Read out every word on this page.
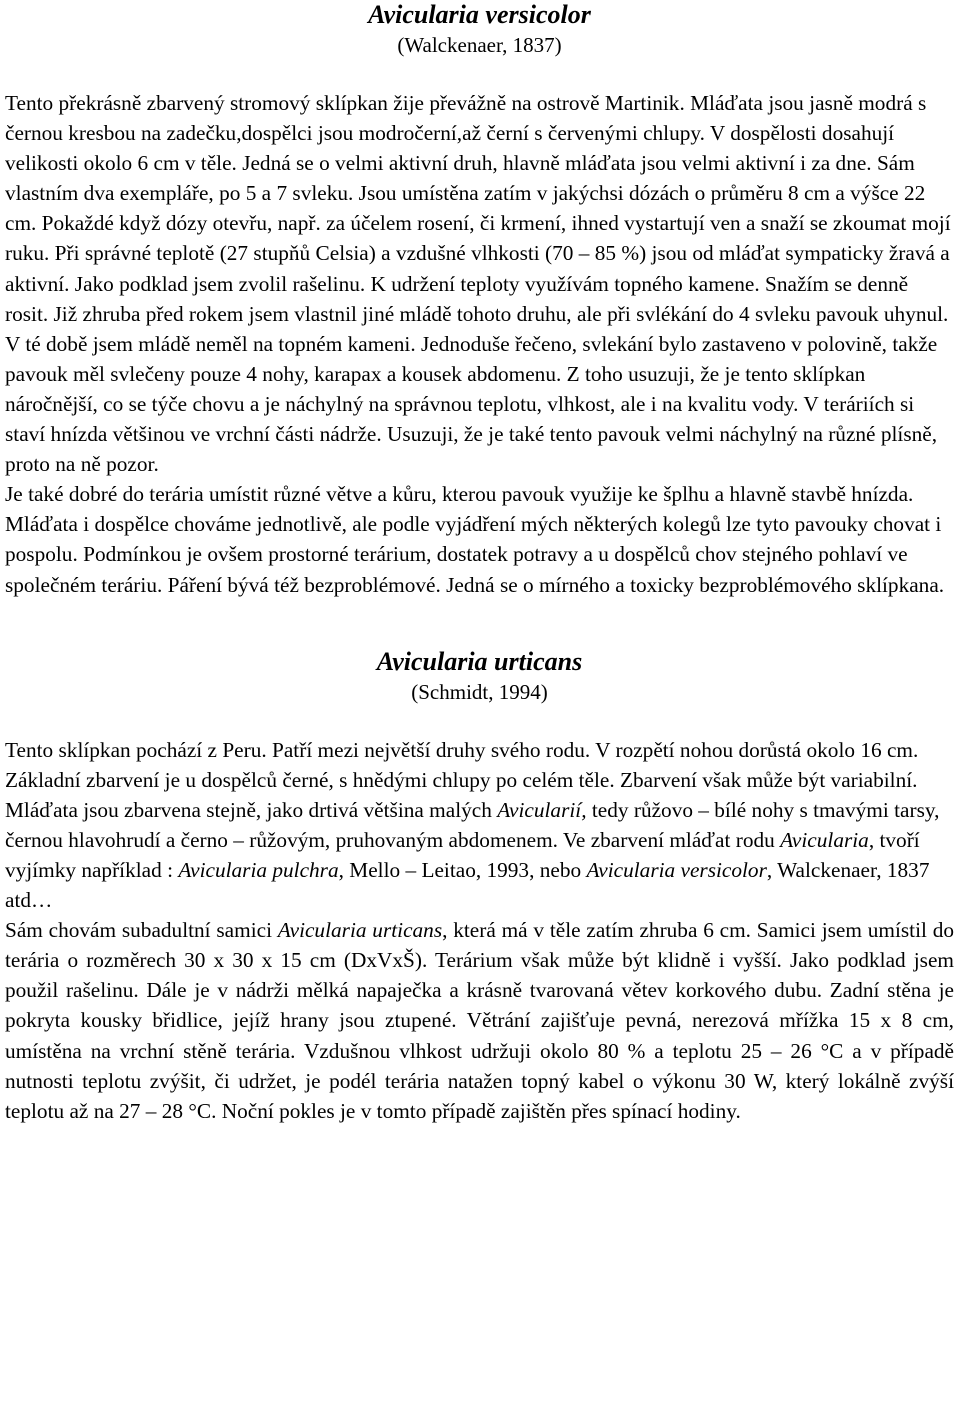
Avicularia versicolor

(Walckenaer, 1837)

Tento překrásně zbarvený stromový sklípkan žije převážně na ostrově Martinik. Mláďata jsou jasně modrá s černou kresbou na zadečku,dospělci jsou modročerní,až černí s červenými chlupy. V dospělosti dosahují velikosti okolo 6 cm v těle. Jedná se o velmi aktivní druh, hlavně mláďata jsou velmi aktivní i za dne. Sám vlastním dva exempláře, po 5 a 7 svleku. Jsou umístěna zatím v jakýchsi dózách o průměru 8 cm a výšce 22 cm. Pokaždé když dózy otevřu, např. za účelem rosení, či krmení, ihned vystartují ven a snaží se zkoumat mojí ruku. Při správné teplotě (27 stupňů Celsia) a vzdušné vlhkosti (70 – 85 %) jsou od mláďat sympaticky žravá a aktivní. Jako podklad jsem zvolil rašelinu. K udržení teploty využívám topného kamene. Snažím se denně rosit. Již zhruba před rokem jsem vlastnil jiné mládě tohoto druhu, ale při svlékání do 4 svleku pavouk uhynul. V té době jsem mládě neměl na topném kameni. Jednoduše řečeno, svlekání bylo zastaveno v polovině, takže pavouk měl svlečeny pouze 4 nohy, karapax a kousek abdomenu. Z toho usuzuji, že je tento sklípkan náročnější, co se týče chovu a je náchylný na správnou teplotu, vlhkost, ale i na kvalitu vody. V teráriích si staví hnízda většinou ve vrchní části nádrže. Usuzuji, že je také tento pavouk velmi náchylný na různé plísně, proto na ně pozor.

Je také dobré do terária umístit různé větve a kůru, kterou pavouk využije ke šplhu a hlavně stavbě hnízda.

Mláďata i dospělce chováme jednotlivě, ale podle vyjádření mých některých kolegů lze tyto pavouky chovat i pospolu. Podmínkou je ovšem prostorné terárium, dostatek potravy a u dospělců chov stejného pohlaví ve společném teráriu. Páření bývá též bezproblémové. Jedná se o mírného a toxicky bezproblémového sklípkana.

Avicularia urticans

(Schmidt, 1994)

Tento sklípkan pochází z Peru. Patří mezi největší druhy svého rodu. V rozpětí nohou dorůstá okolo 16 cm. Základní zbarvení je u dospělců černé, s hnědými chlupy po celém těle. Zbarvení však může být variabilní. Mláďata jsou zbarvena stejně, jako drtivá většina malých Avicularií, tedy růžovo – bílé nohy s tmavými tarsy, černou hlavohrudí a černo – růžovým, pruhovaným abdomenem. Ve zbarvení mláďat rodu Avicularia, tvoří vyjímky například : Avicularia pulchra, Mello – Leitao, 1993, nebo Avicularia versicolor, Walckenaer, 1837 atd…

Sám chovám subadultní samici Avicularia urticans, která má v těle zatím zhruba 6 cm. Samici jsem umístil do terária o rozměrech 30 x 30 x 15 cm (DxVxŠ). Terárium však může být klidně i vyšší. Jako podklad jsem použil rašelinu. Dále je v nádrži mělká napaječka a krásně tvarovaná větev korkového dubu. Zadní stěna je pokryta kousky břidlice, jejíž hrany jsou ztupené. Větrání zajišťuje pevná, nerezová mřížka 15 x 8 cm, umístěna na vrchní stěně terária. Vzdušnou vlhkost udržuji okolo 80 % a teplotu 25 – 26 °C a v případě nutnosti teplotu zvýšit, či udržet, je podél terária natažen topný kabel o výkonu 30 W, který lokálně zvýší teplotu až na 27 – 28 °C. Noční pokles je v tomto případě zajištěn přes spínací hodiny.
